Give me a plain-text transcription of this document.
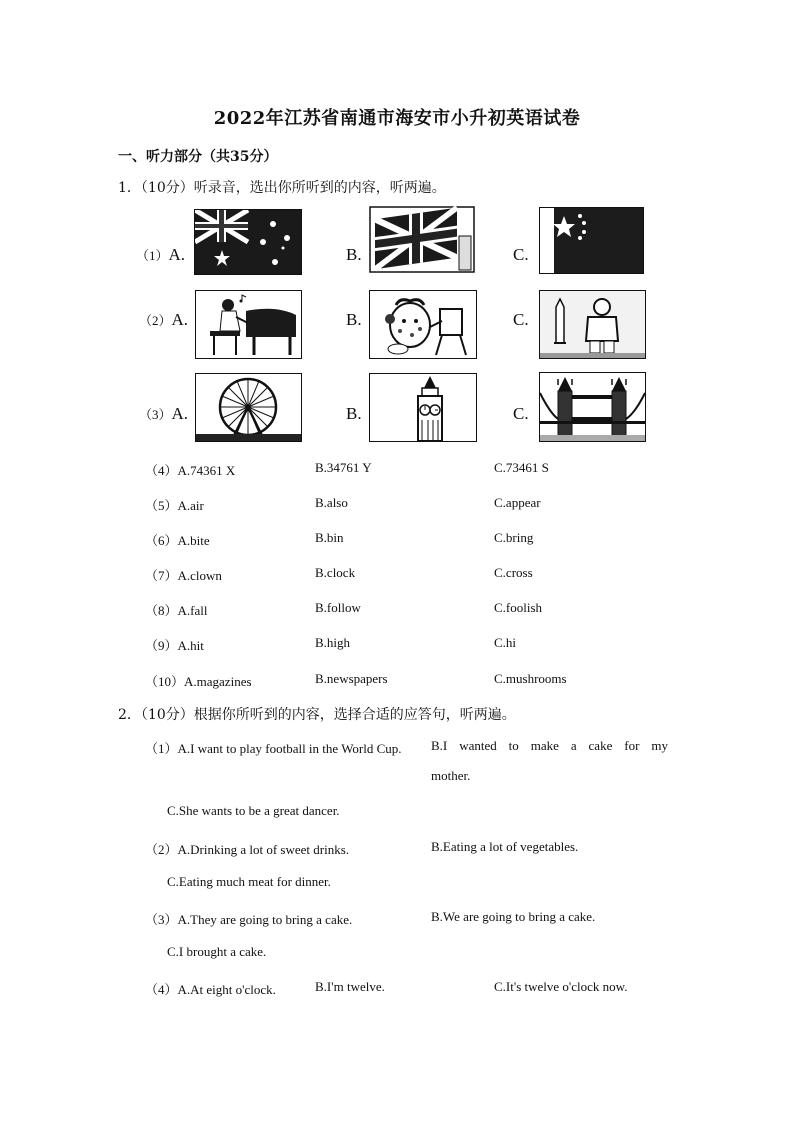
2022年江苏省南通市海安市小升初英语试卷
一、听力部分（共35分）
1．（10分）听录音，选出你所听到的内容，听两遍。
（1）A.	B.	C.
（2）A.	B.	C.
（3）A.	B.	C.
（4）A.74361 X	B.34761 Y	C.73461 S
（5）A.air	B.also	C.appear
（6）A.bite	B.bin	C.bring
（7）A.clown	B.clock	C.cross
（8）A.fall	B.follow	C.foolish
（9）A.hit	B.high	C.hi
（10）A.magazines	B.newspapers	C.mushrooms
2．（10分）根据你所听到的内容，选择合适的应答句，听两遍。
（1）A.I want to play football in the World Cup. B.I wanted to make a cake for my
mother.
C.She wants to be a great dancer.
（2）A.Drinking a lot of sweet drinks.	B.Eating a lot of vegetables.
C.Eating much meat for dinner.
（3）A.They are going to bring a cake.	B.We are going to bring a cake.
C.I brought a cake.
（4）A.At eight o'clock.	B.I'm twelve.	C.It's twelve o'clock now.
